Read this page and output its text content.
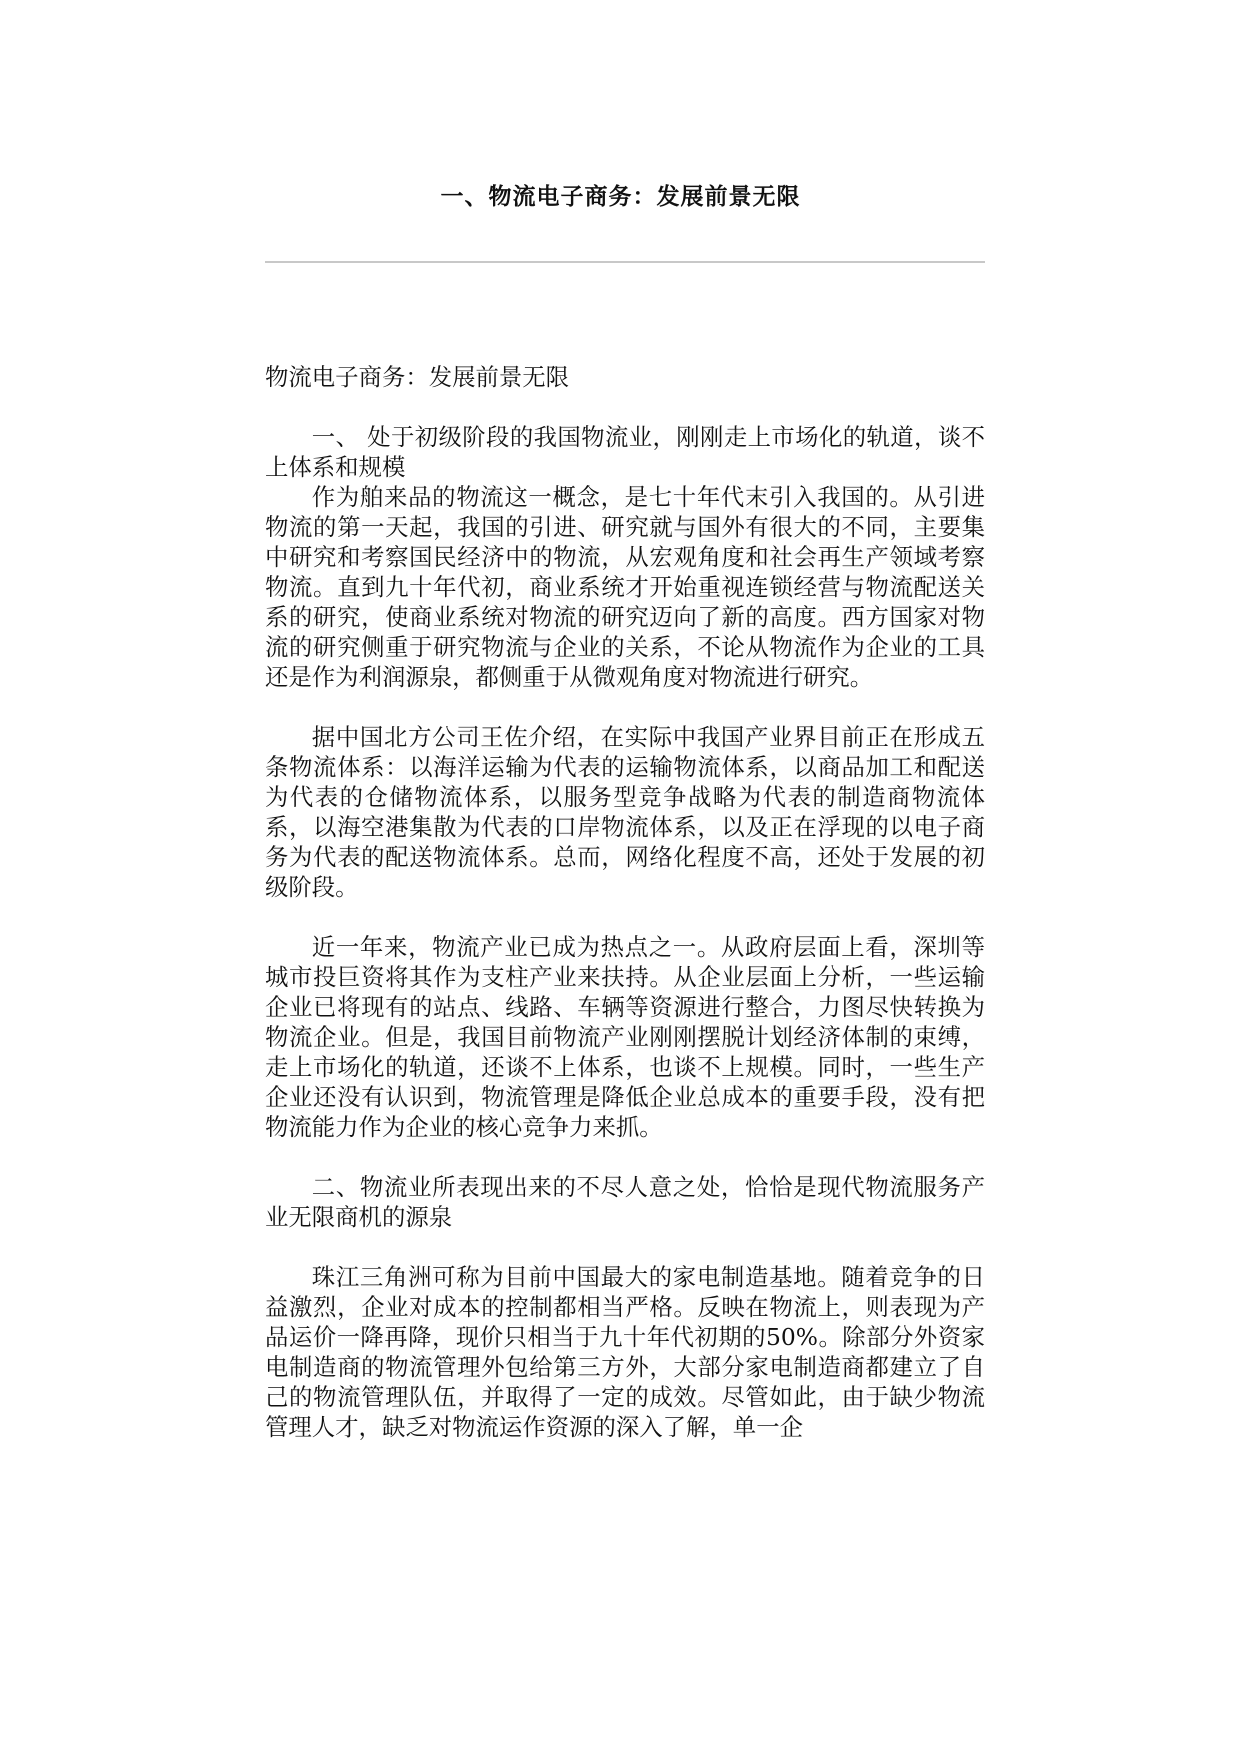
一、物流电子商务：发展前景无限

物流电子商务：发展前景无限

一、 处于初级阶段的我国物流业，刚刚走上市场化的轨道，谈不上体系和规模

作为舶来品的物流这一概念，是七十年代末引入我国的。从引进物流的第一天起，我国的引进、研究就与国外有很大的不同，主要集中研究和考察国民经济中的物流，从宏观角度和社会再生产领域考察物流。直到九十年代初，商业系统才开始重视连锁经营与物流配送关系的研究，使商业系统对物流的研究迈向了新的高度。西方国家对物流的研究侧重于研究物流与企业的关系，不论从物流作为企业的工具还是作为利润源泉，都侧重于从微观角度对物流进行研究。

据中国北方公司王佐介绍，在实际中我国产业界目前正在形成五条物流体系：以海洋运输为代表的运输物流体系，以商品加工和配送为代表的仓储物流体系，以服务型竞争战略为代表的制造商物流体系，以海空港集散为代表的口岸物流体系，以及正在浮现的以电子商务为代表的配送物流体系。总而，网络化程度不高，还处于发展的初级阶段。

近一年来，物流产业已成为热点之一。从政府层面上看，深圳等城市投巨资将其作为支柱产业来扶持。从企业层面上分析，一些运输企业已将现有的站点、线路、车辆等资源进行整合，力图尽快转换为物流企业。但是，我国目前物流产业刚刚摆脱计划经济体制的束缚，走上市场化的轨道，还谈不上体系，也谈不上规模。同时，一些生产企业还没有认识到，物流管理是降低企业总成本的重要手段，没有把物流能力作为企业的核心竞争力来抓。

二、物流业所表现出来的不尽人意之处，恰恰是现代物流服务产业无限商机的源泉

珠江三角洲可称为目前中国最大的家电制造基地。随着竞争的日益激烈，企业对成本的控制都相当严格。反映在物流上，则表现为产品运价一降再降，现价只相当于九十年代初期的50%。除部分外资家电制造商的物流管理外包给第三方外，大部分家电制造商都建立了自己的物流管理队伍，并取得了一定的成效。尽管如此，由于缺少物流管理人才，缺乏对物流运作资源的深入了解，单一企
